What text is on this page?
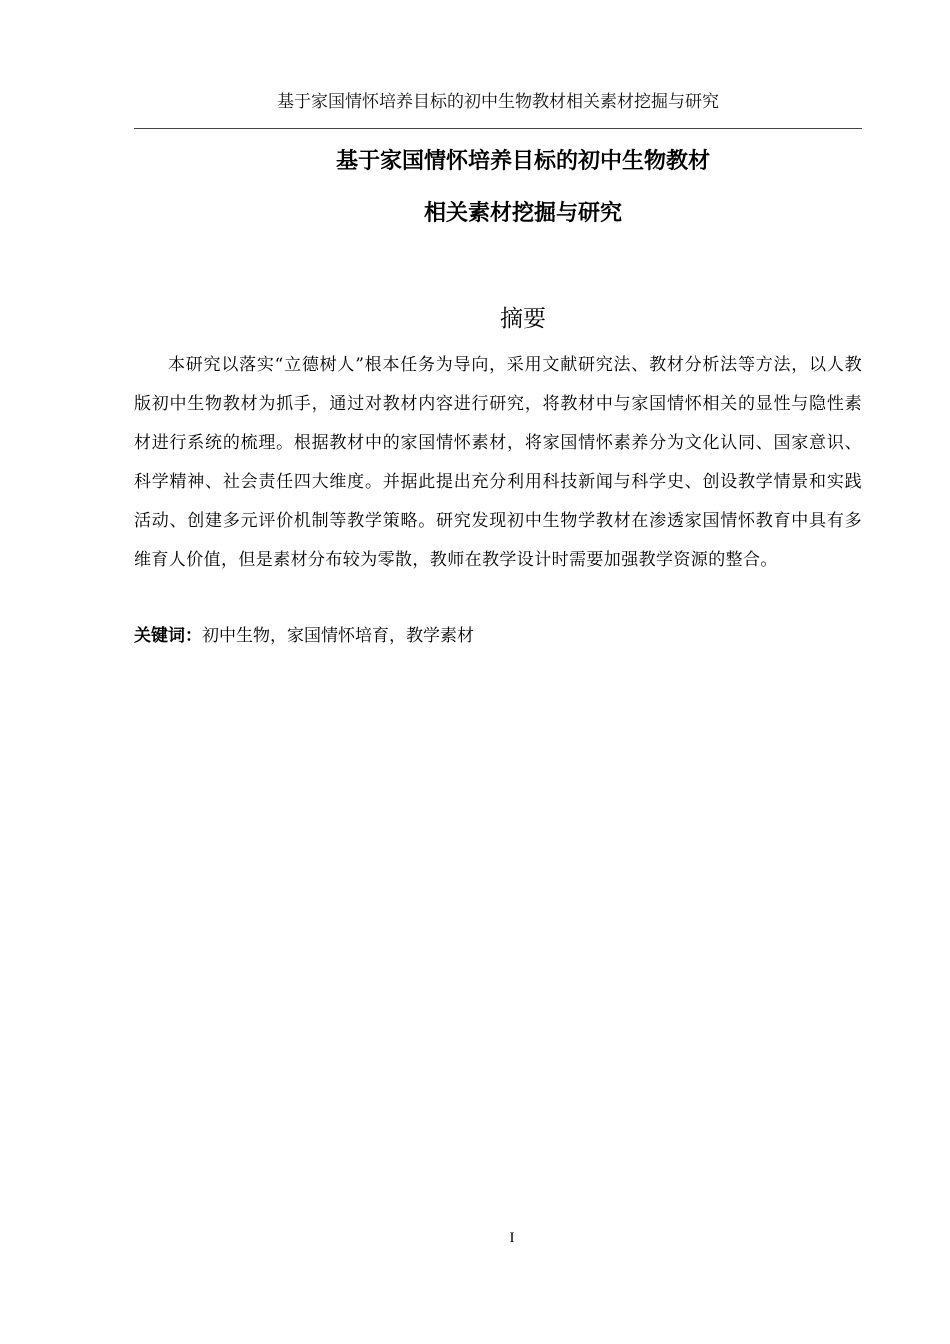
基于家国情怀培养目标的初中生物教材相关素材挖掘与研究
基于家国情怀培养目标的初中生物教材
相关素材挖掘与研究
摘要

本研究以落实“立德树人”根本任务为导向，采用文献研究法、教材分析法等方法，以人教版初中生物教材为抓手，通过对教材内容进行研究，将教材中与家国情怀相关的显性与隐性素材进行系统的梳理。根据教材中的家国情怀素材，将家国情怀素养分为文化认同、国家意识、科学精神、社会责任四大维度。并据此提出充分利用科技新闻与科学史、创设教学情景和实践活动、创建多元评价机制等教学策略。研究发现初中生物学教材在渗透家国情怀教育中具有多维育人价值，但是素材分布较为零散，教师在教学设计时需要加强教学资源的整合。

关键词：初中生物，家国情怀培育，教学素材
I
